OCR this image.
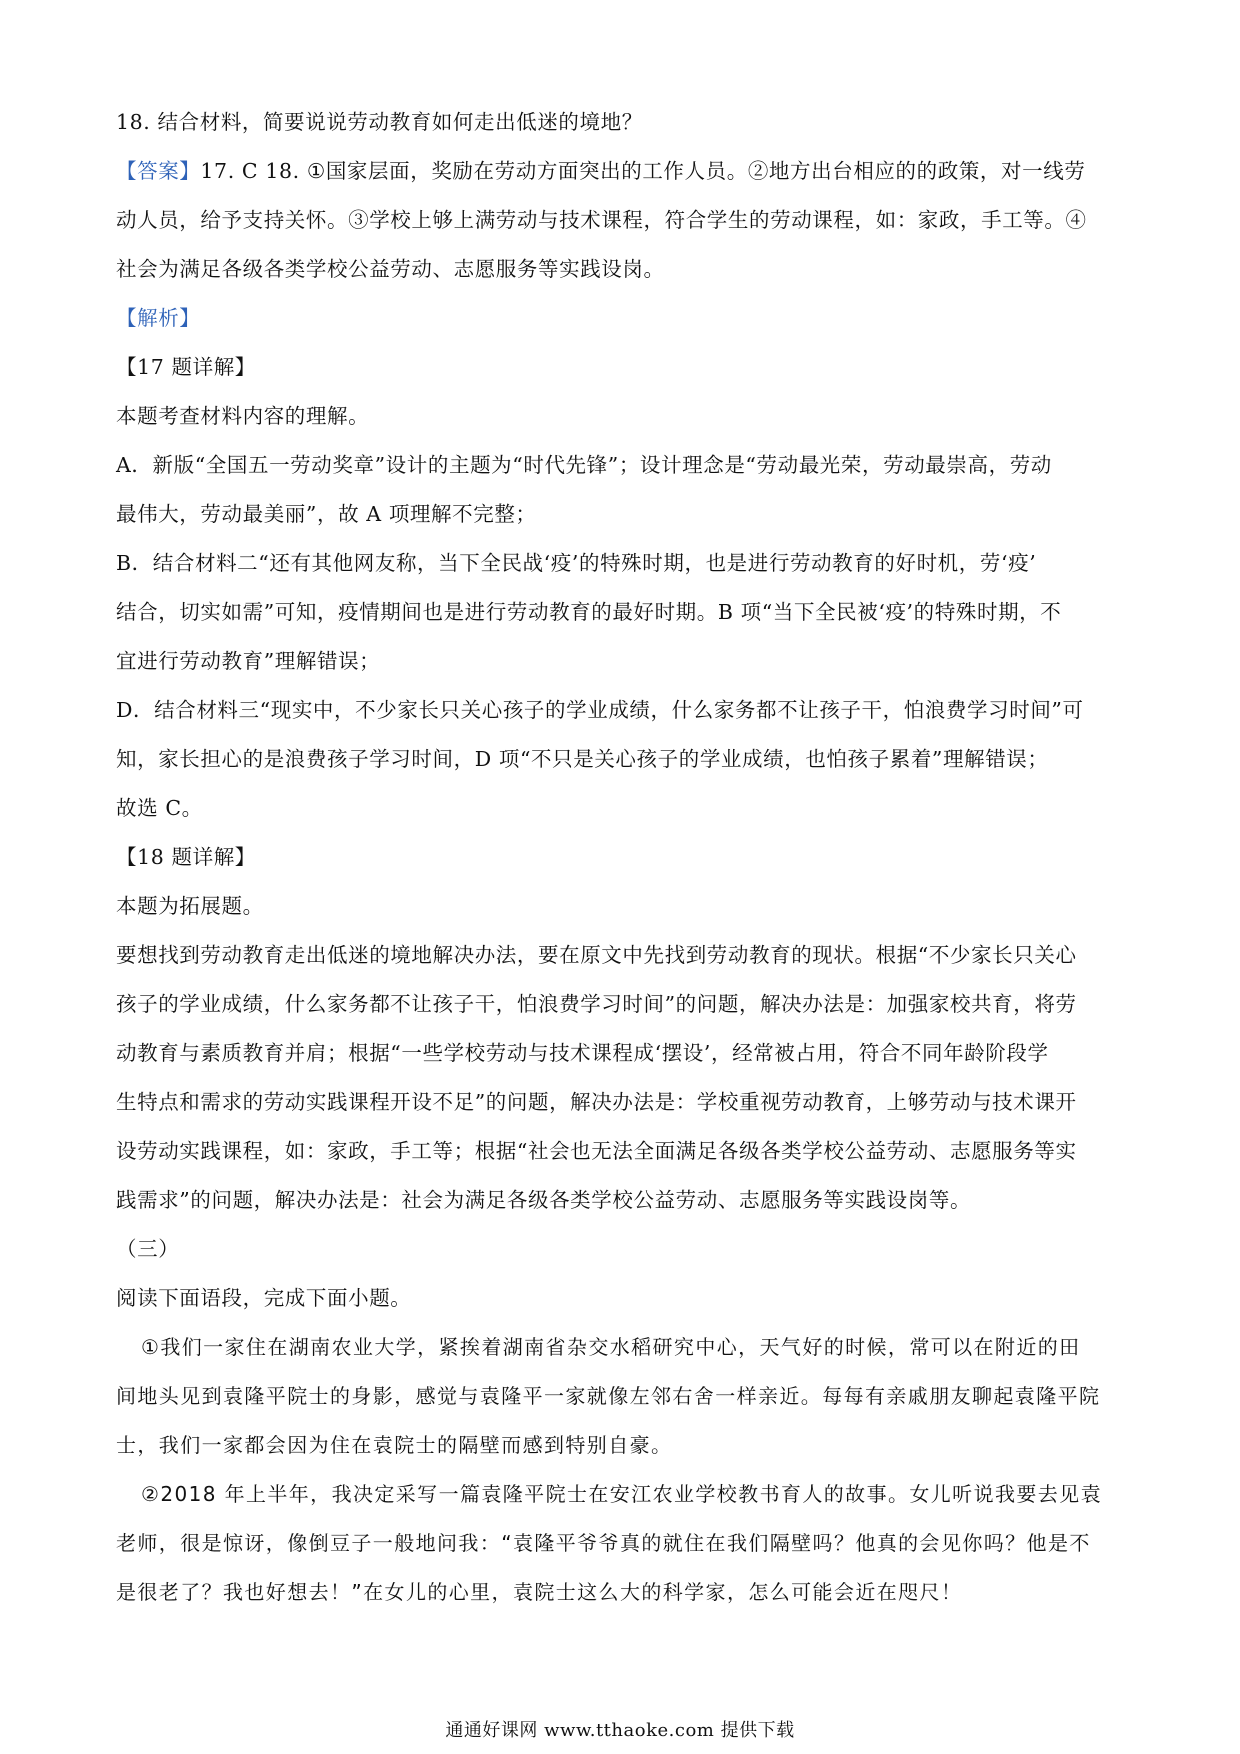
18. 结合材料，简要说说劳动教育如何走出低迷的境地？
【答案】17. C 18. ①国家层面，奖励在劳动方面突出的工作人员。②地方出台相应的的政策，对一线劳
动人员，给予支持关怀。③学校上够上满劳动与技术课程，符合学生的劳动课程，如：家政，手工等。④
社会为满足各级各类学校公益劳动、志愿服务等实践设岗。
【解析】
【17 题详解】
本题考查材料内容的理解。
A．新版“全国五一劳动奖章”设计的主题为“时代先锋”；设计理念是“劳动最光荣，劳动最崇高，劳动
最伟大，劳动最美丽”，故 A 项理解不完整；
B．结合材料二“还有其他网友称，当下全民战‘疫’的特殊时期，也是进行劳动教育的好时机，劳‘疫’
结合，切实如需”可知，疫情期间也是进行劳动教育的最好时期。B 项“当下全民被‘疫’的特殊时期，不
宜进行劳动教育”理解错误；
D．结合材料三“现实中，不少家长只关心孩子的学业成绩，什么家务都不让孩子干，怕浪费学习时间”可
知，家长担心的是浪费孩子学习时间，D 项“不只是关心孩子的学业成绩，也怕孩子累着”理解错误；
故选 C。
【18 题详解】
本题为拓展题。
要想找到劳动教育走出低迷的境地解决办法，要在原文中先找到劳动教育的现状。根据“不少家长只关心
孩子的学业成绩，什么家务都不让孩子干，怕浪费学习时间”的问题，解决办法是：加强家校共育，将劳
动教育与素质教育并肩；根据“一些学校劳动与技术课程成‘摆设’，经常被占用，符合不同年龄阶段学
生特点和需求的劳动实践课程开设不足”的问题，解决办法是：学校重视劳动教育，上够劳动与技术课开
设劳动实践课程，如：家政，手工等；根据“社会也无法全面满足各级各类学校公益劳动、志愿服务等实
践需求”的问题，解决办法是：社会为满足各级各类学校公益劳动、志愿服务等实践设岗等。
（三）
阅读下面语段，完成下面小题。
①我们一家住在湖南农业大学，紧挨着湖南省杂交水稻研究中心，天气好的时候，常可以在附近的田
间地头见到袁隆平院士的身影，感觉与袁隆平一家就像左邻右舍一样亲近。每每有亲戚朋友聊起袁隆平院
士，我们一家都会因为住在袁院士的隔壁而感到特别自豪。
②2018 年上半年，我决定采写一篇袁隆平院士在安江农业学校教书育人的故事。女儿听说我要去见袁
老师，很是惊讶，像倒豆子一般地问我：“袁隆平爷爷真的就住在我们隔壁吗？他真的会见你吗？他是不
是很老了？我也好想去！”在女儿的心里，袁院士这么大的科学家，怎么可能会近在咫尺！
通通好课网 www.tthaoke.com 提供下载
